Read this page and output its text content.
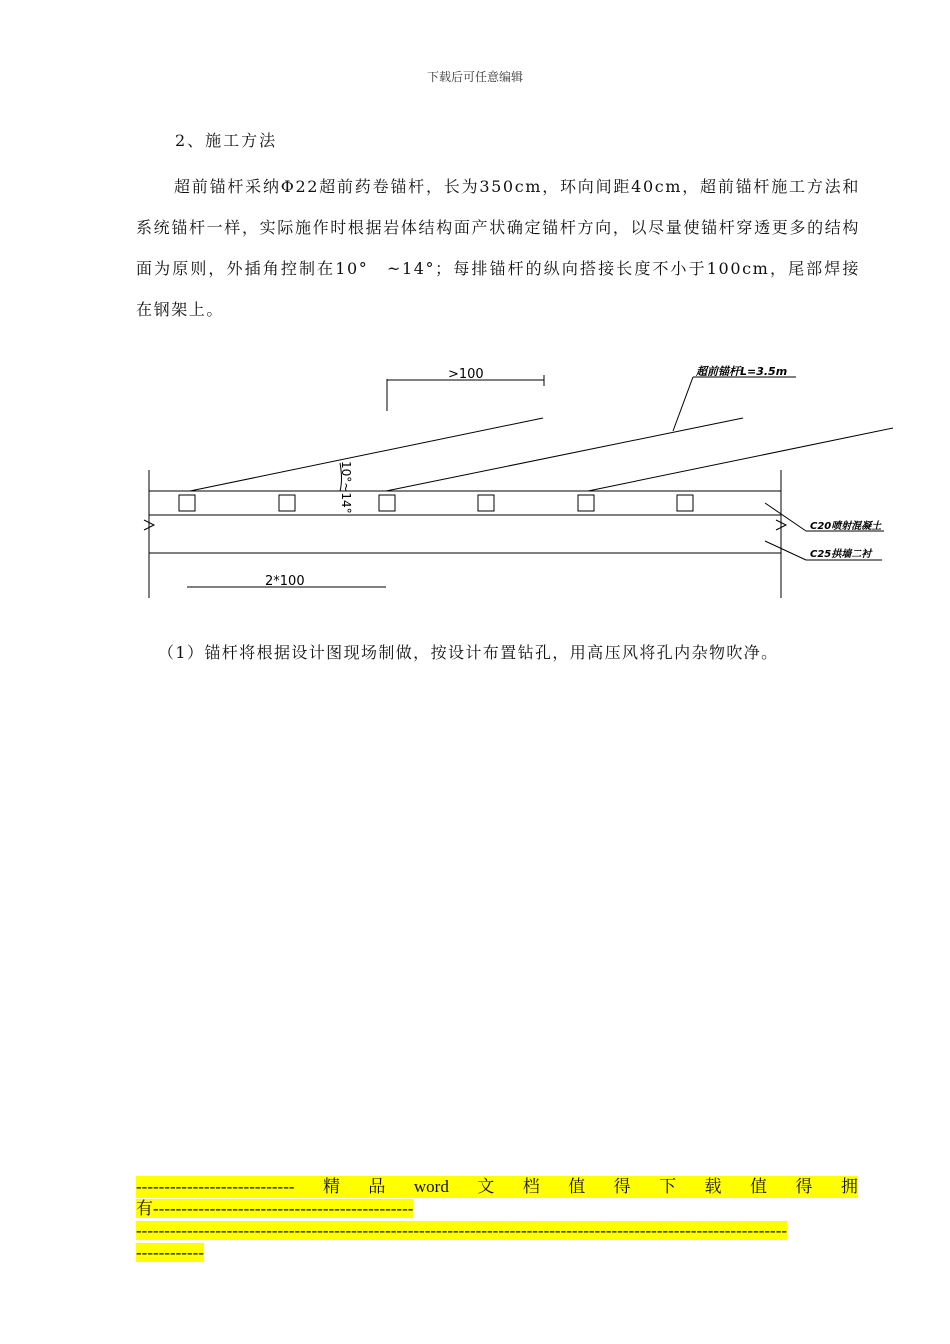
下载后可任意编辑
2、施工方法
超前锚杆采纳Φ22超前药卷锚杆，长为350cm，环向间距40cm，超前锚杆施工方法和系统锚杆一样，实际施作时根据岩体结构面产状确定锚杆方向，以尽量使锚杆穿透更多的结构面为原则，外插角控制在10°　~14°；每排锚杆的纵向搭接长度不小于100cm，尾部焊接在钢架上。
>100	超前锚杆L=3.5m
10°~14°
C20喷射混凝土
C25拱墙二衬
2*100
（1）锚杆将根据设计图现场制做，按设计布置钻孔，用高压风将孔内杂物吹净。
---------------------------- 精 品 word 文 档 值 得 下 载 值 得 拥
有----------------------------------------------
-------------------------------------------------------------------------------------------------------------------
------------
